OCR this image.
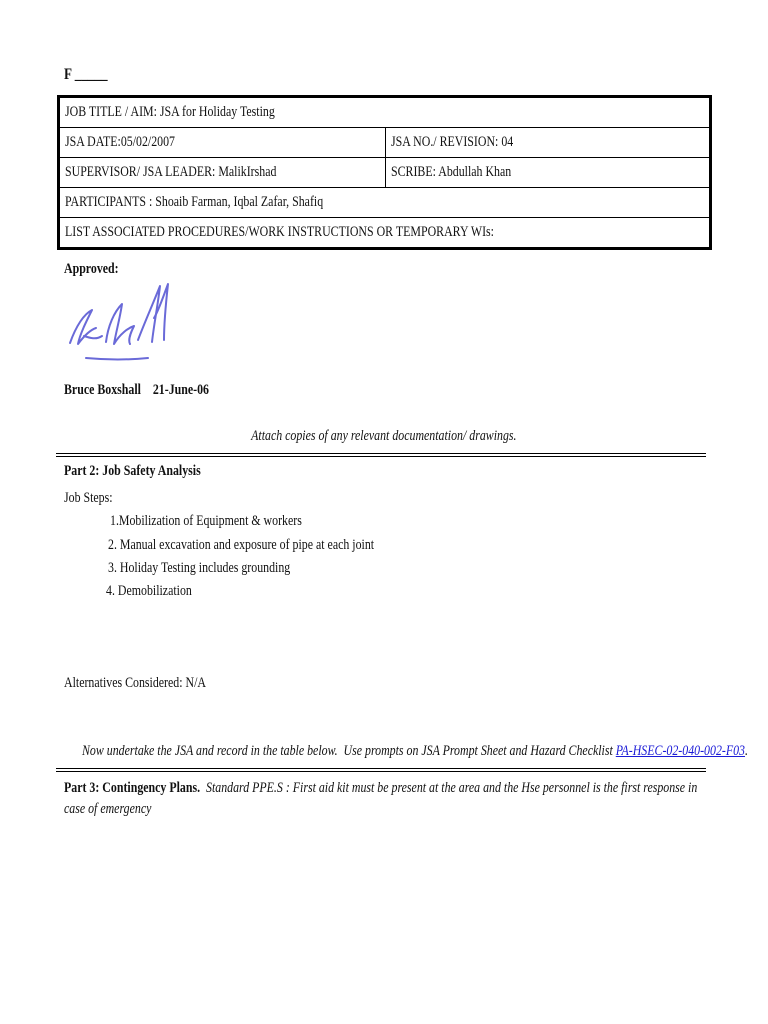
F _____
JOB TITLE / AIM: JSA for Holiday Testing	
JSA DATE:05/02/2007	JSA NO./ REVISION: 04
SUPERVISOR/ JSA LEADER: MalikIrshad	SCRIBE: Abdullah Khan
PARTICIPANTS : Shoaib Farman, Iqbal Zafar, Shafiq	
LIST ASSOCIATED PROCEDURES/WORK INSTRUCTIONS OR TEMPORARY WIs:	
Approved:
Bruce Boxshall    21-June-06
Attach copies of any relevant documentation/ drawings.
Part 2: Job Safety Analysis
Job Steps:
1.Mobilization of Equipment & workers
2. Manual excavation and exposure of pipe at each joint
3. Holiday Testing includes grounding
4. Demobilization
Alternatives Considered: N/A
Now undertake the JSA and record in the table below.  Use prompts on JSA Prompt Sheet and Hazard Checklist PA-HSEC-02-040-002-F03.
Part 3: Contingency Plans.  Standard PPE.S : First aid kit must be present at the area and the Hse personnel is the first response in case of emergency
